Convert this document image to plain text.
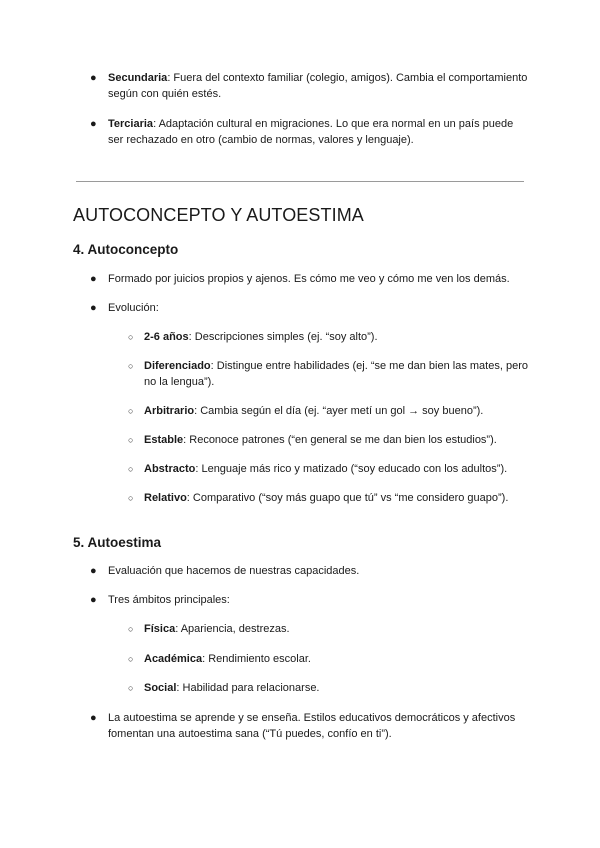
●	Secundaria: Fuera del contexto familiar (colegio, amigos). Cambia el comportamiento según con quién estés.
●	Terciaria: Adaptación cultural en migraciones. Lo que era normal en un país puede ser rechazado en otro (cambio de normas, valores y lenguaje).
AUTOCONCEPTO Y AUTOESTIMA
4. Autoconcepto
●	Formado por juicios propios y ajenos. Es cómo me veo y cómo me ven los demás.
●	Evolución:
○ 2-6 años: Descripciones simples (ej. “soy alto”).
○ Diferenciado: Distingue entre habilidades (ej. “se me dan bien las mates, pero no la lengua”).
○ Arbitrario: Cambia según el día (ej. “ayer metí un gol → soy bueno”).
○ Estable: Reconoce patrones (“en general se me dan bien los estudios”).
○ Abstracto: Lenguaje más rico y matizado (“soy educado con los adultos”).
○ Relativo: Comparativo (“soy más guapo que tú” vs “me considero guapo”).
5. Autoestima
●	Evaluación que hacemos de nuestras capacidades.
●	Tres ámbitos principales:
○ Física: Apariencia, destrezas.
○ Académica: Rendimiento escolar.
○ Social: Habilidad para relacionarse.
●	La autoestima se aprende y se enseña. Estilos educativos democráticos y afectivos fomentan una autoestima sana (“Tú puedes, confío en ti”).
